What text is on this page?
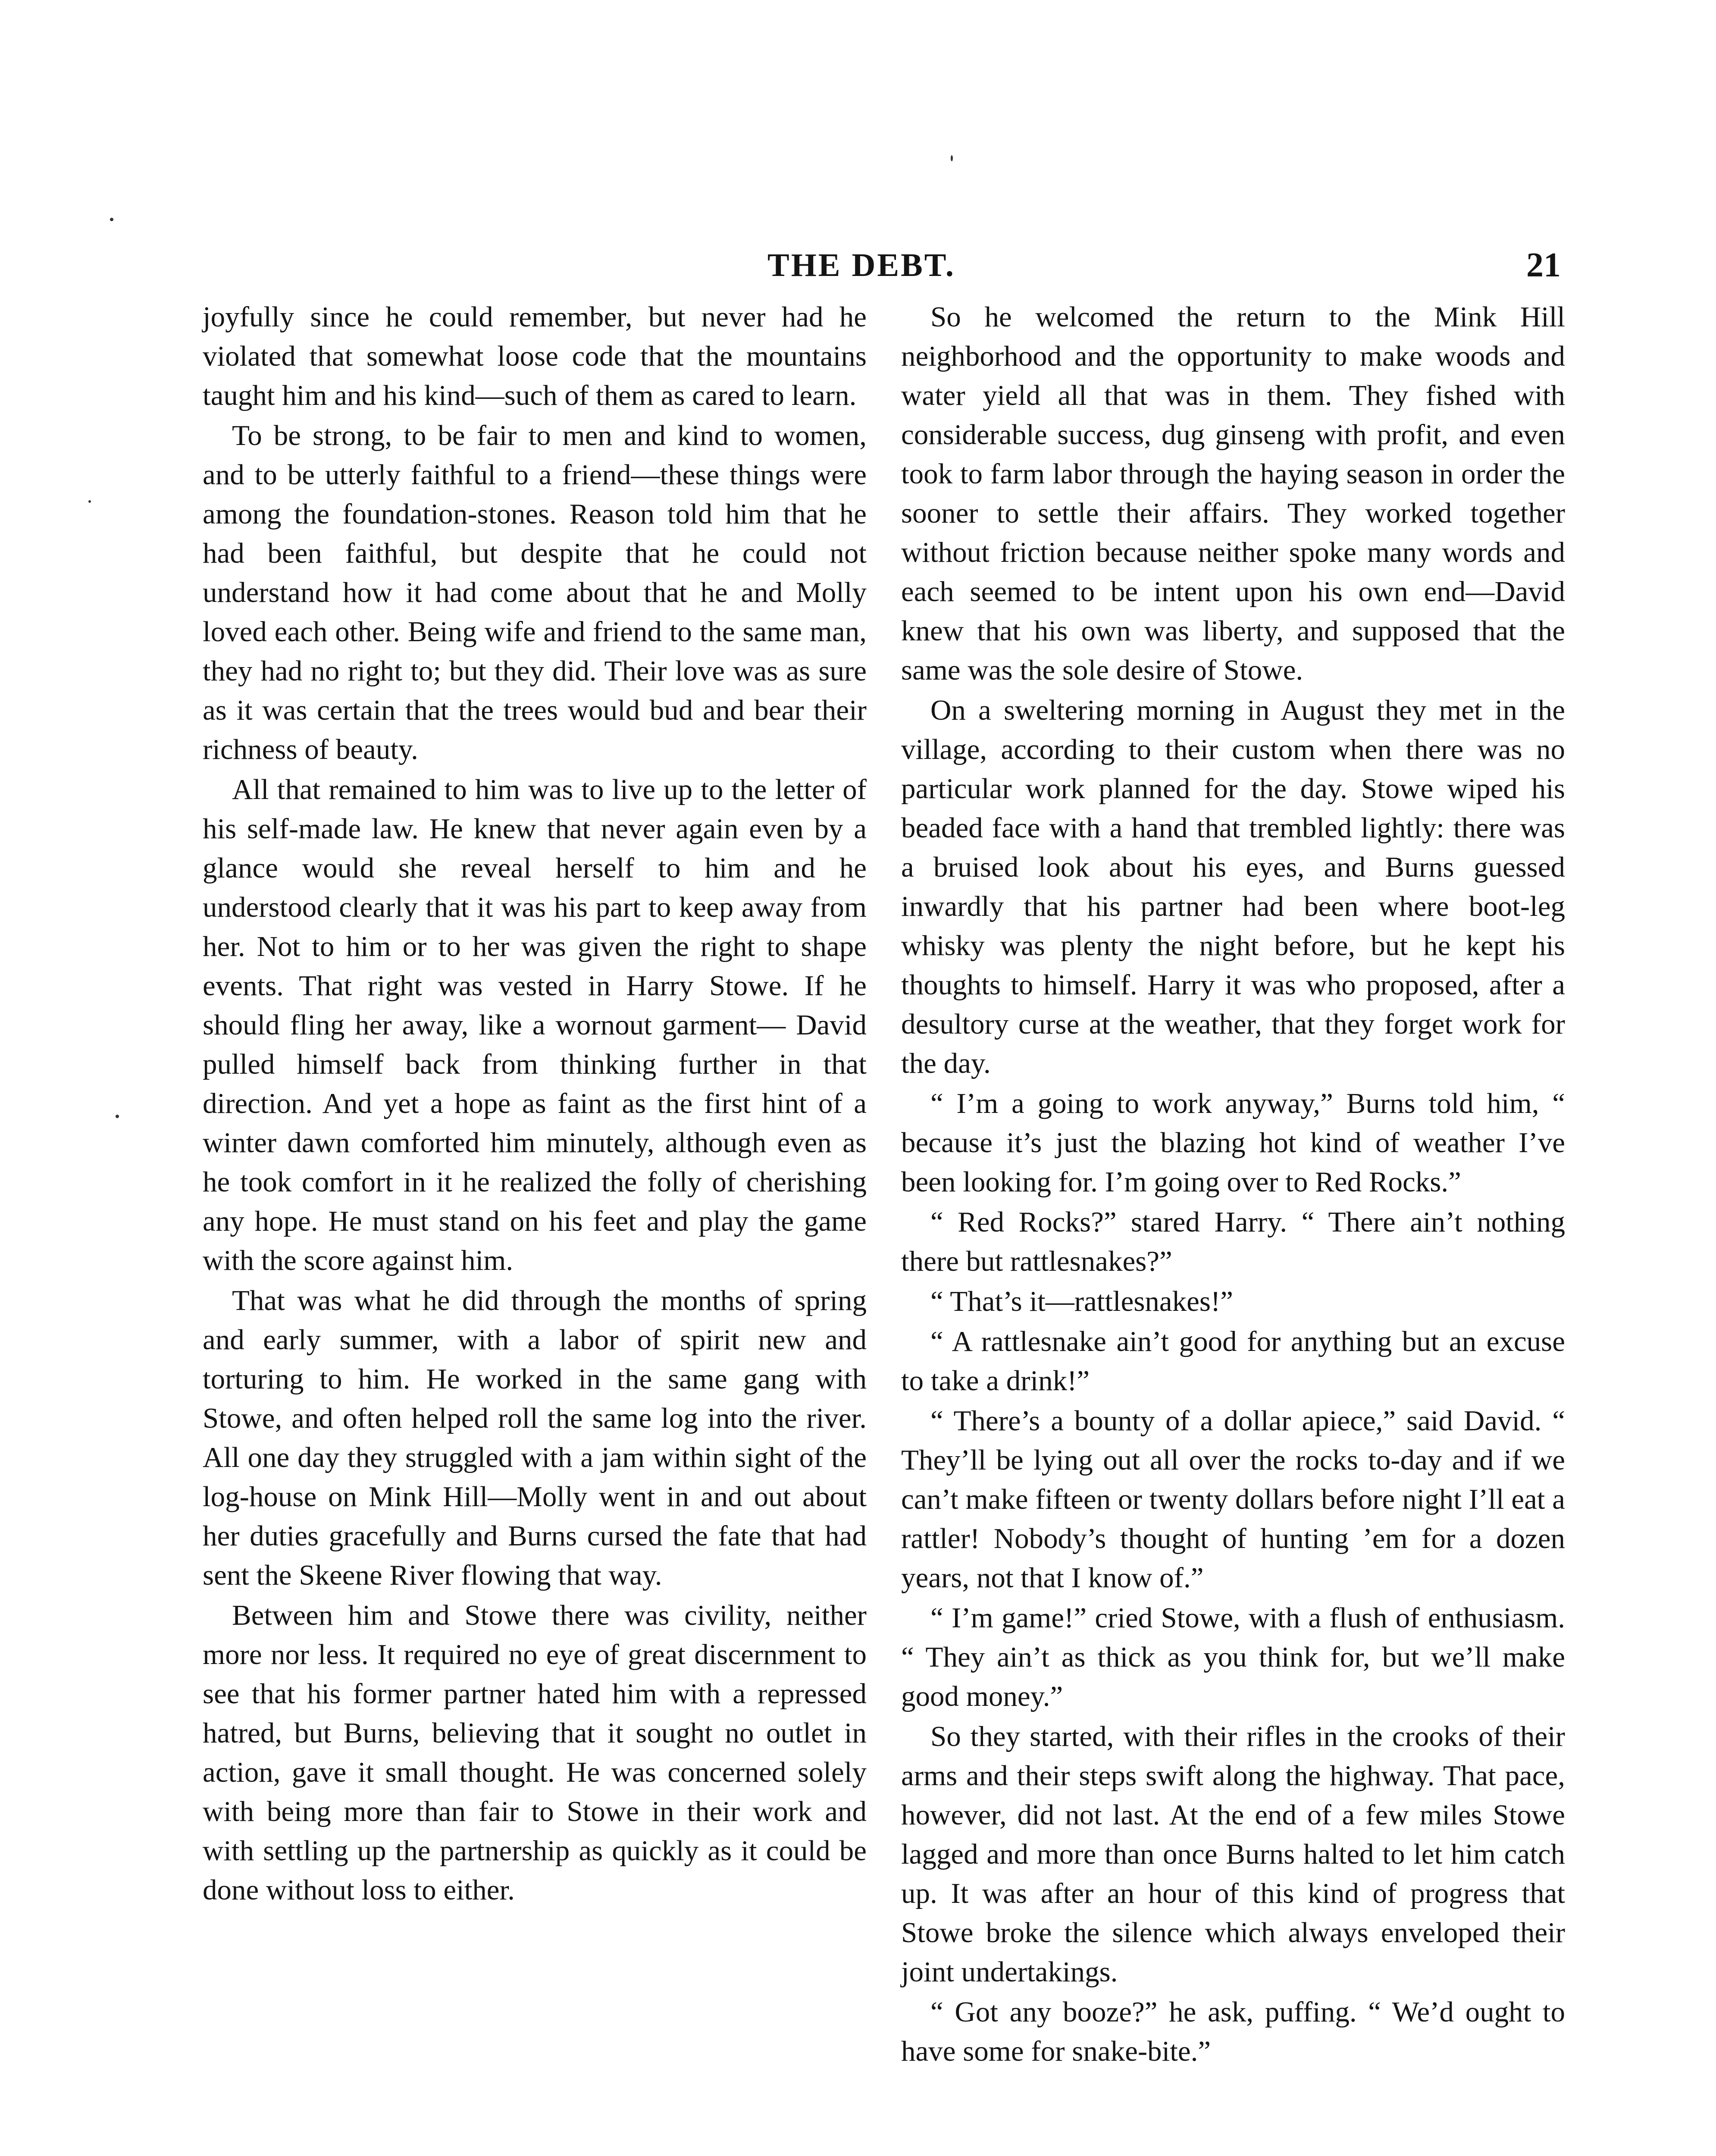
THE DEBT.	21

joyfully since he could remember, but never had he violated that somewhat loose code that the mountains taught him and his kind—such of them as cared to learn.

To be strong, to be fair to men and kind to women, and to be utterly faithful to a friend—these things were among the foundation-stones. Reason told him that he had been faithful, but despite that he could not understand how it had come about that he and Molly loved each other. Being wife and friend to the same man, they had no right to; but they did. Their love was as sure as it was certain that the trees would bud and bear their richness of beauty.

All that remained to him was to live up to the letter of his self-made law. He knew that never again even by a glance would she reveal herself to him and he understood clearly that it was his part to keep away from her. Not to him or to her was given the right to shape events. That right was vested in Harry Stowe. If he should fling her away, like a wornout garment— David pulled himself back from thinking further in that direction. And yet a hope as faint as the first hint of a winter dawn comforted him minutely, although even as he took comfort in it he realized the folly of cherishing any hope. He must stand on his feet and play the game with the score against him.

That was what he did through the months of spring and early summer, with a labor of spirit new and torturing to him. He worked in the same gang with Stowe, and often helped roll the same log into the river. All one day they struggled with a jam within sight of the log-house on Mink Hill—Molly went in and out about her duties gracefully and Burns cursed the fate that had sent the Skeene River flowing that way.

Between him and Stowe there was civility, neither more nor less. It required no eye of great discernment to see that his former partner hated him with a repressed hatred, but Burns, believing that it sought no outlet in action, gave it small thought. He was concerned solely with being more than fair to Stowe in their work and with settling up the partnership as quickly as it could be done without loss to either.

So he welcomed the return to the Mink Hill neighborhood and the opportunity to make woods and water yield all that was in them. They fished with considerable success, dug ginseng with profit, and even took to farm labor through the haying season in order the sooner to settle their affairs. They worked together without friction because neither spoke many words and each seemed to be intent upon his own end—David knew that his own was liberty, and supposed that the same was the sole desire of Stowe.

On a sweltering morning in August they met in the village, according to their custom when there was no particular work planned for the day. Stowe wiped his beaded face with a hand that trembled lightly: there was a bruised look about his eyes, and Burns guessed inwardly that his partner had been where boot-leg whisky was plenty the night before, but he kept his thoughts to himself. Harry it was who proposed, after a desultory curse at the weather, that they forget work for the day.

“ I’m a going to work anyway,” Burns told him, “ because it’s just the blazing hot kind of weather I’ve been looking for. I’m going over to Red Rocks.”

“ Red Rocks?” stared Harry. “ There ain’t nothing there but rattlesnakes?”

“ That’s it—rattlesnakes!”

“ A rattlesnake ain’t good for anything but an excuse to take a drink!”

“ There’s a bounty of a dollar apiece,” said David. “ They’ll be lying out all over the rocks to-day and if we can’t make fifteen or twenty dollars before night I’ll eat a rattler! Nobody’s thought of hunting ’em for a dozen years, not that I know of.”

“ I’m game!” cried Stowe, with a flush of enthusiasm. “ They ain’t as thick as you think for, but we’ll make good money.”

So they started, with their rifles in the crooks of their arms and their steps swift along the highway. That pace, however, did not last. At the end of a few miles Stowe lagged and more than once Burns halted to let him catch up. It was after an hour of this kind of progress that Stowe broke the silence which always enveloped their joint undertakings.

“ Got any booze?” he ask, puffing. “ We’d ought to have some for snake-bite.”
